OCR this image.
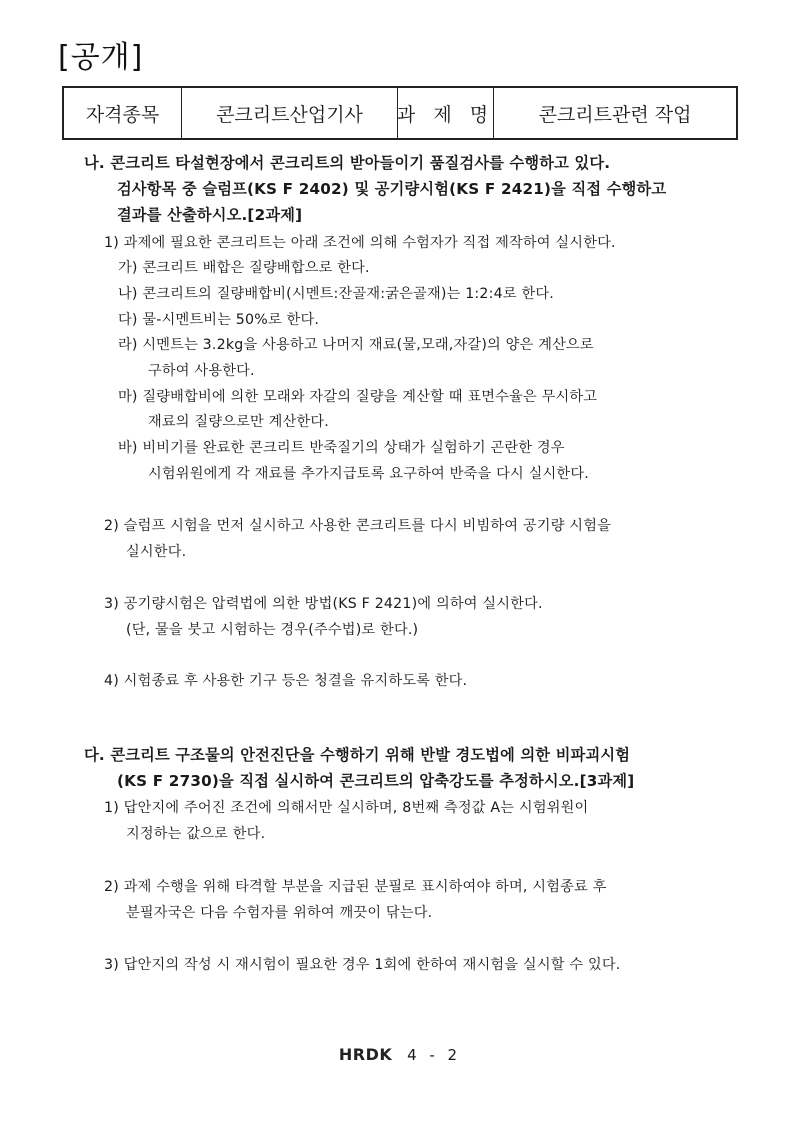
[공개]
자격종목	콘크리트산업기사	과 제 명	콘크리트관련 작업
나. 콘크리트 타설현장에서 콘크리트의 받아들이기 품질검사를 수행하고 있다.
검사항목 중 슬럼프(KS F 2402) 및 공기량시험(KS F 2421)을 직접 수행하고
결과를 산출하시오.[2과제]
1) 과제에 필요한 콘크리트는 아래 조건에 의해 수험자가 직접 제작하여 실시한다.
가) 콘크리트 배합은 질량배합으로 한다.
나) 콘크리트의 질량배합비(시멘트:잔골재:굵은골재)는 1:2:4로 한다.
다) 물-시멘트비는 50%로 한다.
라) 시멘트는 3.2kg을 사용하고 나머지 재료(물,모래,자갈)의 양은 계산으로
구하여 사용한다.
마) 질량배합비에 의한 모래와 자갈의 질량을 계산할 때 표면수율은 무시하고
재료의 질량으로만 계산한다.
바) 비비기를 완료한 콘크리트 반죽질기의 상태가 실험하기 곤란한 경우
시험위원에게 각 재료를 추가지급토록 요구하여 반죽을 다시 실시한다.
2) 슬럼프 시험을 먼저 실시하고 사용한 콘크리트를 다시 비빔하여 공기량 시험을
실시한다.
3) 공기량시험은 압력법에 의한 방법(KS F 2421)에 의하여 실시한다.
(단, 물을 붓고 시험하는 경우(주수법)로 한다.)
4) 시험종료 후 사용한 기구 등은 청결을 유지하도록 한다.
다. 콘크리트 구조물의 안전진단을 수행하기 위해 반발 경도법에 의한 비파괴시험
(KS F 2730)을 직접 실시하여 콘크리트의 압축강도를 추정하시오.[3과제]
1) 답안지에 주어진 조건에 의해서만 실시하며, 8번째 측정값 A는 시험위원이
지정하는 값으로 한다.
2) 과제 수행을 위해 타격할 부분을 지급된 분필로 표시하여야 하며, 시험종료 후
분필자국은 다음 수험자를 위하여 깨끗이 닦는다.
3) 답안지의 작성 시 재시험이 필요한 경우 1회에 한하여 재시험을 실시할 수 있다.
HRDK 4 - 2
